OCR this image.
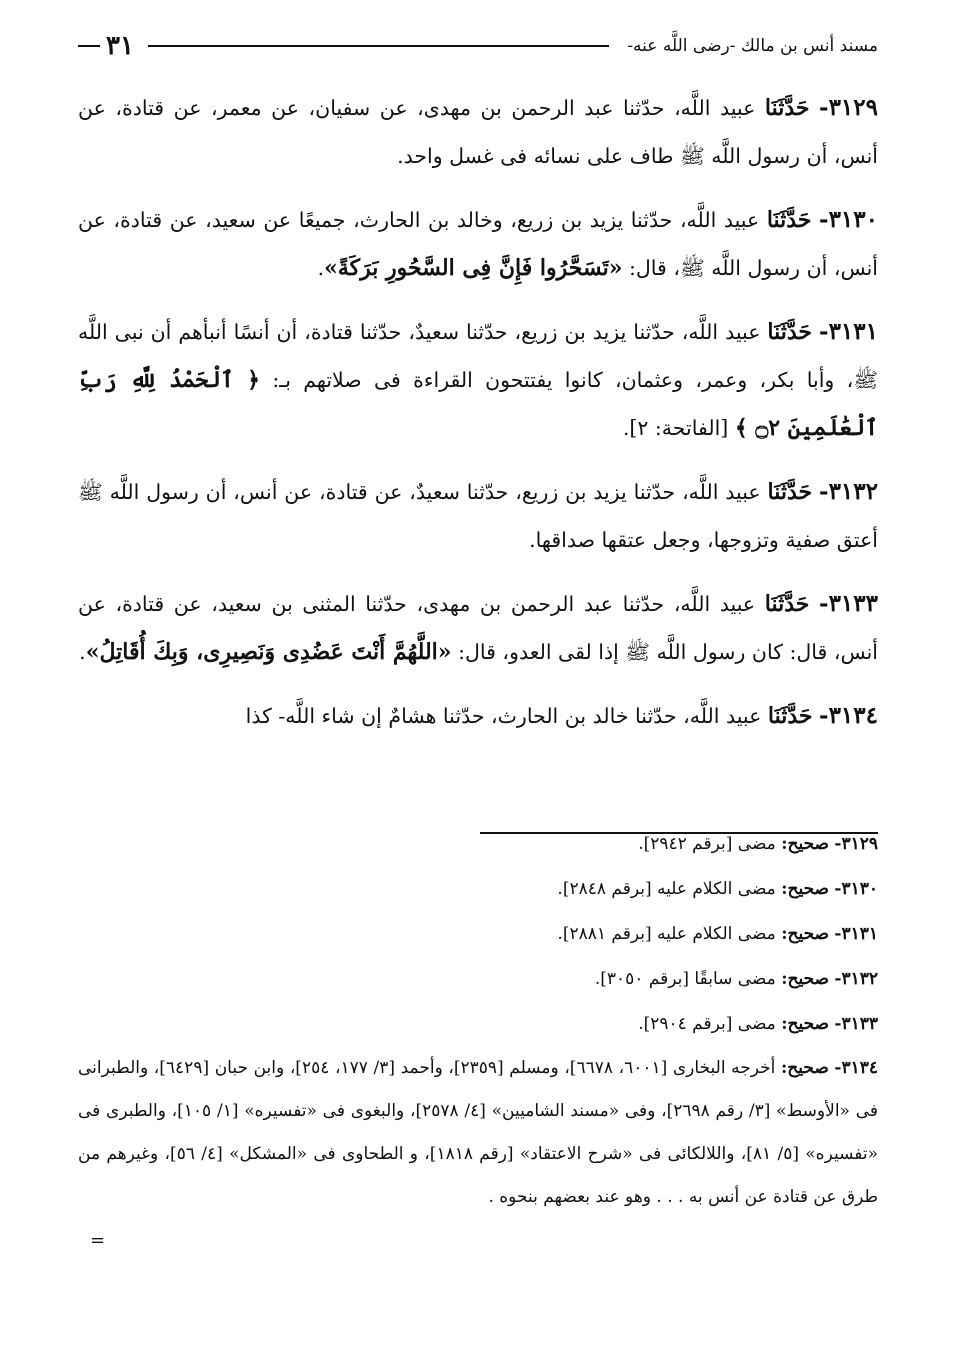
مسند أنس بن مالك -رضى اللَّه عنه-
٣١

٣١٢٩- حَدَّثَنَا عبيد اللَّه، حدّثنا عبد الرحمن بن مهدى، عن سفيان، عن معمر، عن قتادة، عن أنس، أن رسول اللَّه ﷺ طاف على نسائه فى غسل واحد.

٣١٣٠- حَدَّثَنَا عبيد اللَّه، حدّثنا يزيد بن زريع، وخالد بن الحارث، جميعًا عن سعيد، عن قتادة، عن أنس، أن رسول اللَّه ﷺ، قال: «تَسَحَّرُوا فَإِنَّ فِى السَّحُورِ بَرَكَةً».

٣١٣١- حَدَّثَنَا عبيد اللَّه، حدّثنا يزيد بن زريع، حدّثنا سعيدٌ، حدّثنا قتادة، أن أنسًا أنبأهم أن نبى اللَّه ﷺ، وأبا بكر، وعمر، وعثمان، كانوا يفتتحون القراءة فى صلاتهم بـ: ﴿ ٱلْحَمْدُ لِلَّهِ رَبِّ ٱلْعَٰلَمِينَ ۝٢ ﴾ [الفاتحة: ٢].

٣١٣٢- حَدَّثَنَا عبيد اللَّه، حدّثنا يزيد بن زريع، حدّثنا سعيدٌ، عن قتادة، عن أنس، أن رسول اللَّه ﷺ أعتق صفية وتزوجها، وجعل عتقها صداقها.

٣١٣٣- حَدَّثَنَا عبيد اللَّه، حدّثنا عبد الرحمن بن مهدى، حدّثنا المثنى بن سعيد، عن قتادة، عن أنس، قال: كان رسول اللَّه ﷺ إذا لقى العدو، قال: «اللَّهُمَّ أَنْتَ عَضُدِى وَنَصِيرِى، وَبِكَ أُقَاتِلُ».

٣١٣٤- حَدَّثَنَا عبيد اللَّه، حدّثنا خالد بن الحارث، حدّثنا هشامٌ إن شاء اللَّه- كذا

٣١٢٩- صحيح: مضى [برقم ٢٩٤٢].
٣١٣٠- صحيح: مضى الكلام عليه [برقم ٢٨٤٨].
٣١٣١- صحيح: مضى الكلام عليه [برقم ٢٨٨١].
٣١٣٢- صحيح: مضى سابقًا [برقم ٣٠٥٠].
٣١٣٣- صحيح: مضى [برقم ٢٩٠٤].
٣١٣٤- صحيح: أخرجه البخارى [٦٠٠١، ٦٦٧٨]، ومسلم [٢٣٥٩]، وأحمد [٣/ ١٧٧، ٢٥٤]، وابن حبان [٦٤٢٩]، والطبرانى فى «الأوسط» [٣/ رقم ٢٦٩٨]، وفى «مسند الشاميين» [٤/ ٢٥٧٨]، والبغوى فى «تفسيره» [١/ ١٠٥]، والطبرى فى «تفسيره» [٥/ ٨١]، واللالكائى فى «شرح الاعتقاد» [رقم ١٨١٨]، و الطحاوى فى «المشكل» [٤/ ٥٦]، وغيرهم من طرق عن قتادة عن أنس به . . . وهو عند بعضهم بنحوه .
=
